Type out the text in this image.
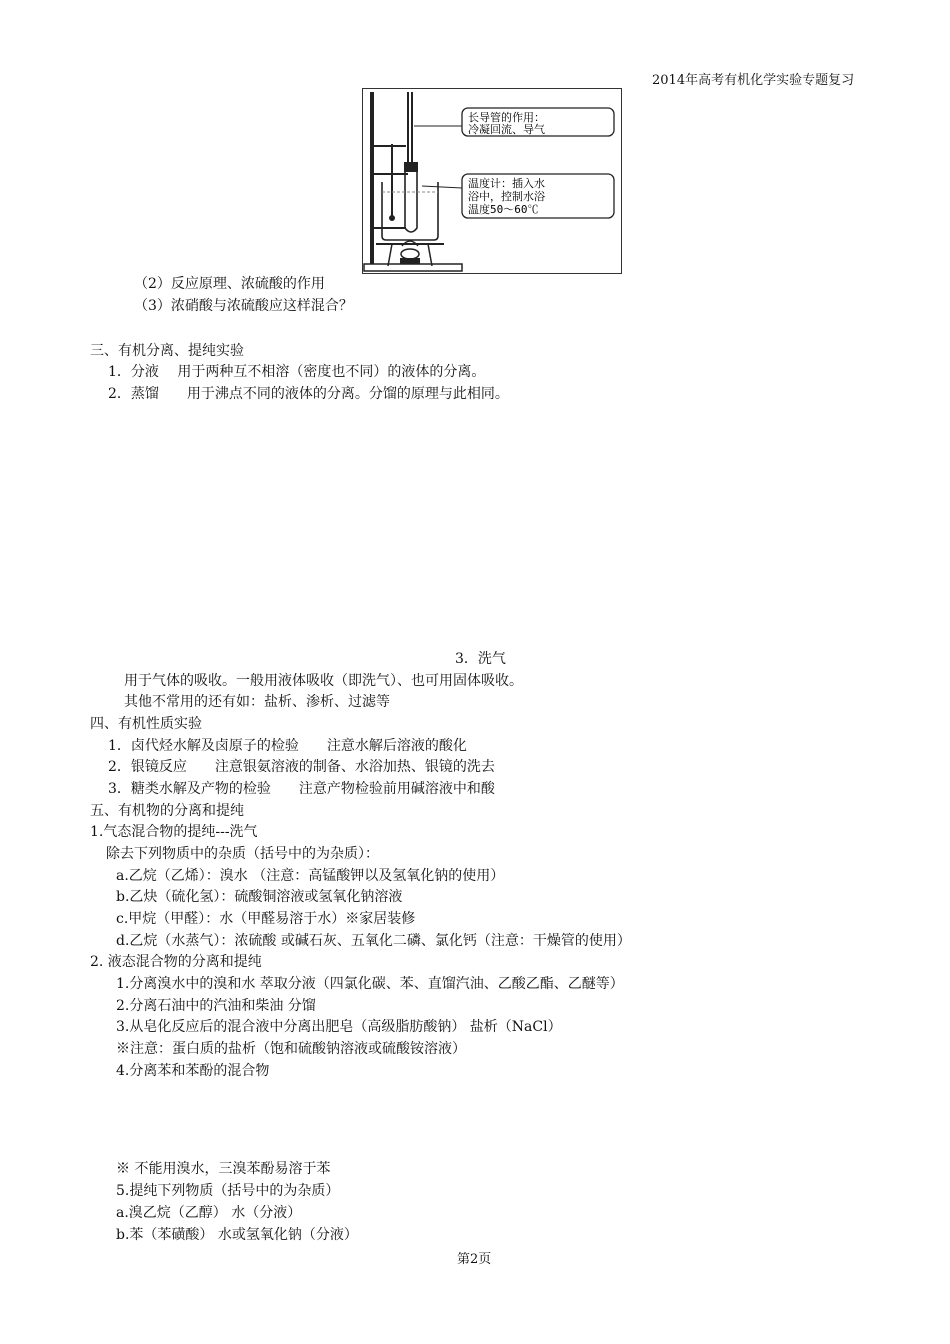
2014年高考有机化学实验专题复习
长导管的作用：
冷凝回流、导气
温度计：插入水
浴中，控制水浴
温度50～60℃
（2）反应原理、浓硫酸的作用
（3）浓硝酸与浓硫酸应这样混合？
三、有机分离、提纯实验
1．分液　 用于两种互不相溶（密度也不同）的液体的分离。
2．蒸馏　　用于沸点不同的液体的分离。分馏的原理与此相同。
3．洗气
用于气体的吸收。一般用液体吸收（即洗气）、也可用固体吸收。
其他不常用的还有如：盐析、渗析、过滤等
四、有机性质实验
1．卤代烃水解及卤原子的检验　　注意水解后溶液的酸化
2．银镜反应　　注意银氨溶液的制备、水浴加热、银镜的洗去
3．糖类水解及产物的检验　　注意产物检验前用碱溶液中和酸
五、有机物的分离和提纯
1.气态混合物的提纯---洗气
除去下列物质中的杂质（括号中的为杂质）：
a.乙烷（乙烯）：溴水 （注意：高锰酸钾以及氢氧化钠的使用）
b.乙炔（硫化氢）：硫酸铜溶液或氢氧化钠溶液
c.甲烷（甲醛）：水（甲醛易溶于水）※家居装修
d.乙烷（水蒸气）：浓硫酸 或碱石灰、五氧化二磷、氯化钙（注意：干燥管的使用）
2. 液态混合物的分离和提纯
1.分离溴水中的溴和水 萃取分液（四氯化碳、苯、直馏汽油、乙酸乙酯、乙醚等）
2.分离石油中的汽油和柴油 分馏
3.从皂化反应后的混合液中分离出肥皂（高级脂肪酸钠） 盐析（NaCl）
※注意：蛋白质的盐析（饱和硫酸钠溶液或硫酸铵溶液）
4.分离苯和苯酚的混合物
※ 不能用溴水，三溴苯酚易溶于苯
5.提纯下列物质（括号中的为杂质）
a.溴乙烷（乙醇） 水（分液）
b.苯（苯磺酸） 水或氢氧化钠（分液）
第2页
